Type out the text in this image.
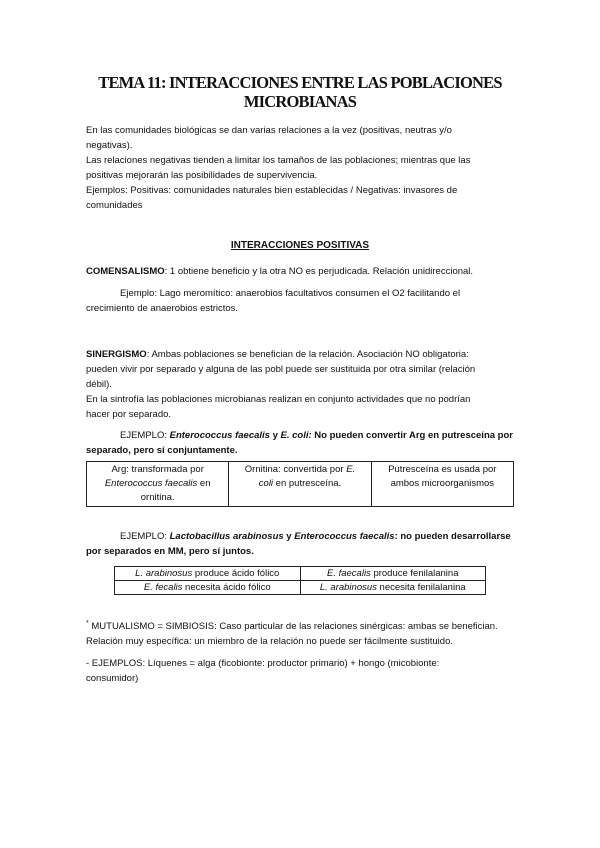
TEMA 11: INTERACCIONES ENTRE LAS POBLACIONES
MICROBIANAS
En las comunidades biológicas se dan varias relaciones a la vez (positivas, neutras y/o
negativas).
Las relaciones negativas tienden a limitar los tamaños de las poblaciones; mientras que las
positivas mejorarán las posibilidades de supervivencia.
Ejemplos: Positivas: comunidades naturales bien establecidas / Negativas: invasores de
comunidades
INTERACCIONES POSITIVAS
COMENSALISMO: 1 obtiene beneficio y la otra NO es perjudicada. Relación unidireccional.
Ejemplo: Lago meromítico: anaerobios facultativos consumen el O2 facilitando el
crecimiento de anaerobios estrictos.
SINERGISMO: Ambas poblaciones se benefician de la relación. Asociación NO obligatoria:
pueden vivir por separado y alguna de las pobl puede ser sustituida por otra similar (relación
débil).
En la sintrofía las poblaciones microbianas realizan en conjunto actividades que no podrían
hacer por separado.
EJEMPLO: Enterococcus faecalis y E. coli: No pueden convertir Arg en putresceína por
separado, pero sí conjuntamente.
Arg: transformada por
Enterococcus faecalis en
ornitina.	Ornitina: convertida por E.
coli en putresceína.	Putresceína es usada por
ambos microorganismos
EJEMPLO: Lactobacillus arabinosus y Enterococcus faecalis: no pueden desarrollarse
por separados en MM, pero sí juntos.
L. arabinosus produce ácido fólico	E. faecalis produce fenilalanina
E. fecalis necesita ácido fólico	L. arabinosus necesita fenilalanina
* MUTUALISMO = SIMBIOSIS: Caso particular de las relaciones sinérgicas: ambas se benefician.
Relación muy específica: un miembro de la relación no puede ser fácilmente sustituido.
- EJEMPLOS: Líquenes = alga (ficobionte: productor primario) + hongo (micobionte:
consumidor)
